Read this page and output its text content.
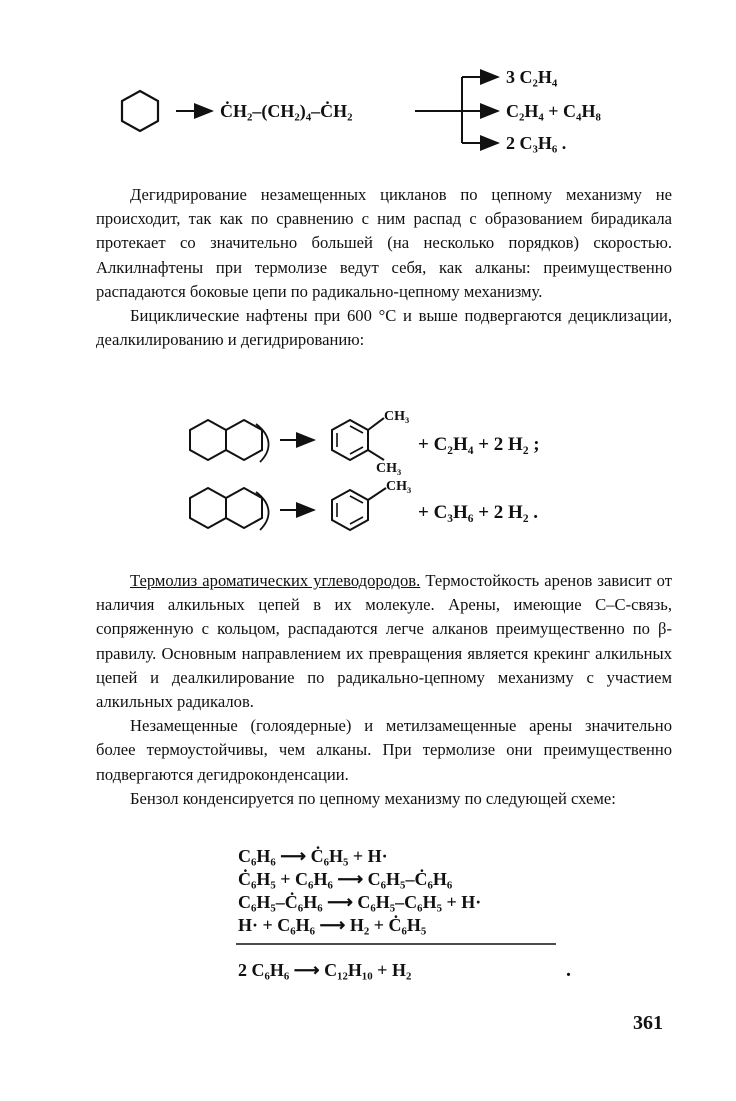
ĊH₂–(CH₂)₄–ĊH₂
3 C₂H₄
C₂H₄ + C₄H₈
2 C₃H₆ .

Дегидрирование незамещенных цикланов по цепному механизму не происходит, так как по сравнению с ним распад с образованием бирадикала протекает со значительно большей (на несколько порядков) скоростью. Алкилнафтены при термолизе ведут себя, как алканы: преимущественно распадаются боковые цепи по радикально-цепному механизму.

Бициклические нафтены при 600 °С и выше подвергаются дециклизации, деалкилированию и дегидрированию:

CH₃
CH₃
+ C₂H₄ + 2 H₂ ;
CH₃
+ C₃H₆ + 2 H₂ .

Термолиз ароматических углеводородов. Термостойкость аренов зависит от наличия алкильных цепей в их молекуле. Арены, имеющие С–С-связь, сопряженную с кольцом, распадаются легче алканов преимущественно по β-правилу. Основным направлением их превращения является крекинг алкильных цепей и деалкилирование по радикально-цепному механизму с участием алкильных радикалов.

Незамещенные (голоядерные) и метилзамещенные арены значительно более термоустойчивы, чем алканы. При термолизе они преимущественно подвергаются дегидроконденсации.

Бензол конденсируется по цепному механизму по следующей схеме:

C₆H₆ ⟶ Ċ₆H₅ + H·
Ċ₆H₅ + C₆H₆ ⟶ C₆H₅–Ċ₆H₆
C₆H₅–Ċ₆H₆ ⟶ C₆H₅–C₆H₅ + H·
H· + C₆H₆ ⟶ H₂ + Ċ₆H₅
2 C₆H₆ ⟶ C₁₂H₁₀ + H₂	.
361
